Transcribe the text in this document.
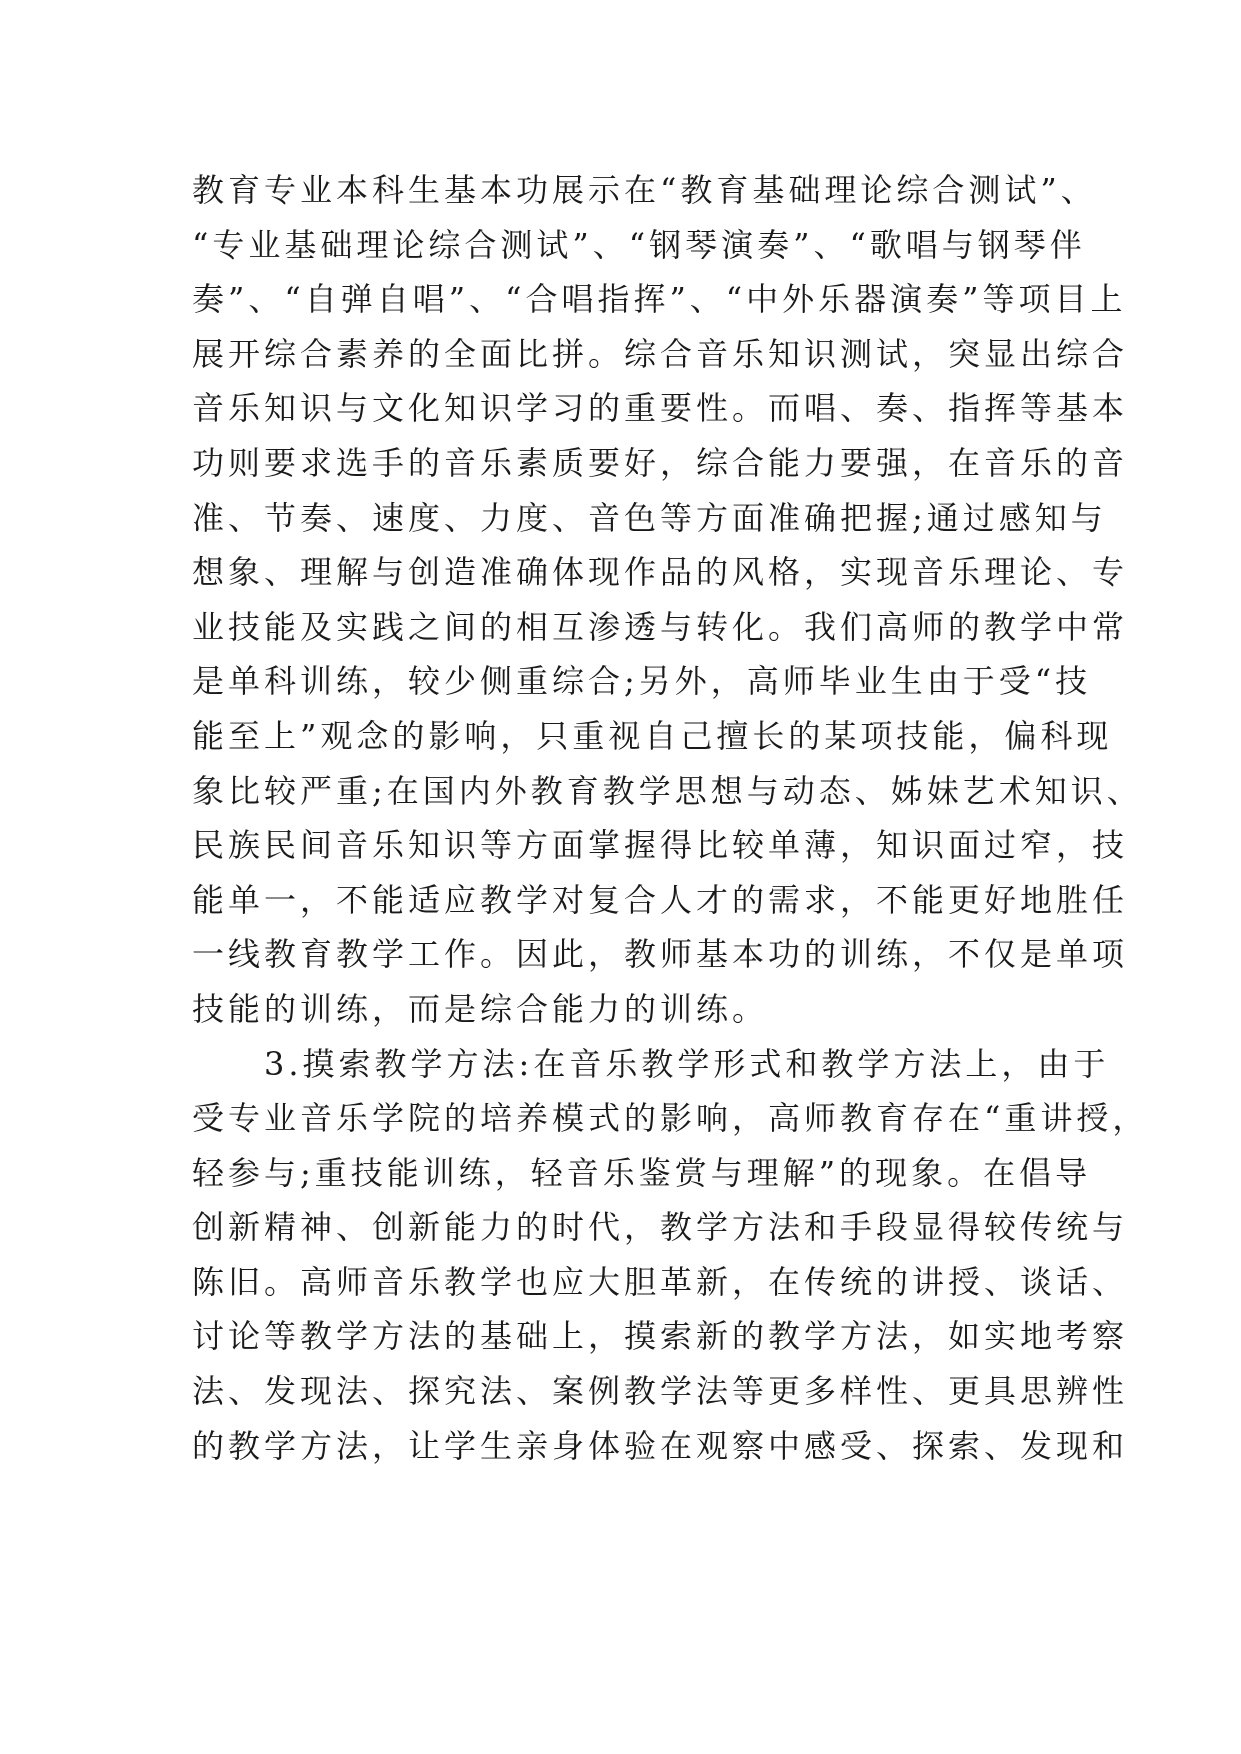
教育专业本科生基本功展示在“教育基础理论综合测试”、
“专业基础理论综合测试”、“钢琴演奏”、“歌唱与钢琴伴
奏”、“自弹自唱”、“合唱指挥”、“中外乐器演奏”等项目上
展开综合素养的全面比拼。综合音乐知识测试，突显出综合
音乐知识与文化知识学习的重要性。而唱、奏、指挥等基本
功则要求选手的音乐素质要好，综合能力要强，在音乐的音
准、节奏、速度、力度、音色等方面准确把握;通过感知与
想象、理解与创造准确体现作品的风格，实现音乐理论、专
业技能及实践之间的相互渗透与转化。我们高师的教学中常
是单科训练，较少侧重综合;另外，高师毕业生由于受“技
能至上”观念的影响，只重视自己擅长的某项技能，偏科现
象比较严重;在国内外教育教学思想与动态、姊妹艺术知识、
民族民间音乐知识等方面掌握得比较单薄，知识面过窄，技
能单一，不能适应教学对复合人才的需求，不能更好地胜任
一线教育教学工作。因此，教师基本功的训练，不仅是单项
技能的训练，而是综合能力的训练。
3.摸索教学方法:在音乐教学形式和教学方法上，由于
受专业音乐学院的培养模式的影响，高师教育存在“重讲授，
轻参与;重技能训练，轻音乐鉴赏与理解”的现象。在倡导
创新精神、创新能力的时代，教学方法和手段显得较传统与
陈旧。高师音乐教学也应大胆革新，在传统的讲授、谈话、
讨论等教学方法的基础上，摸索新的教学方法，如实地考察
法、发现法、探究法、案例教学法等更多样性、更具思辨性
的教学方法，让学生亲身体验在观察中感受、探索、发现和
